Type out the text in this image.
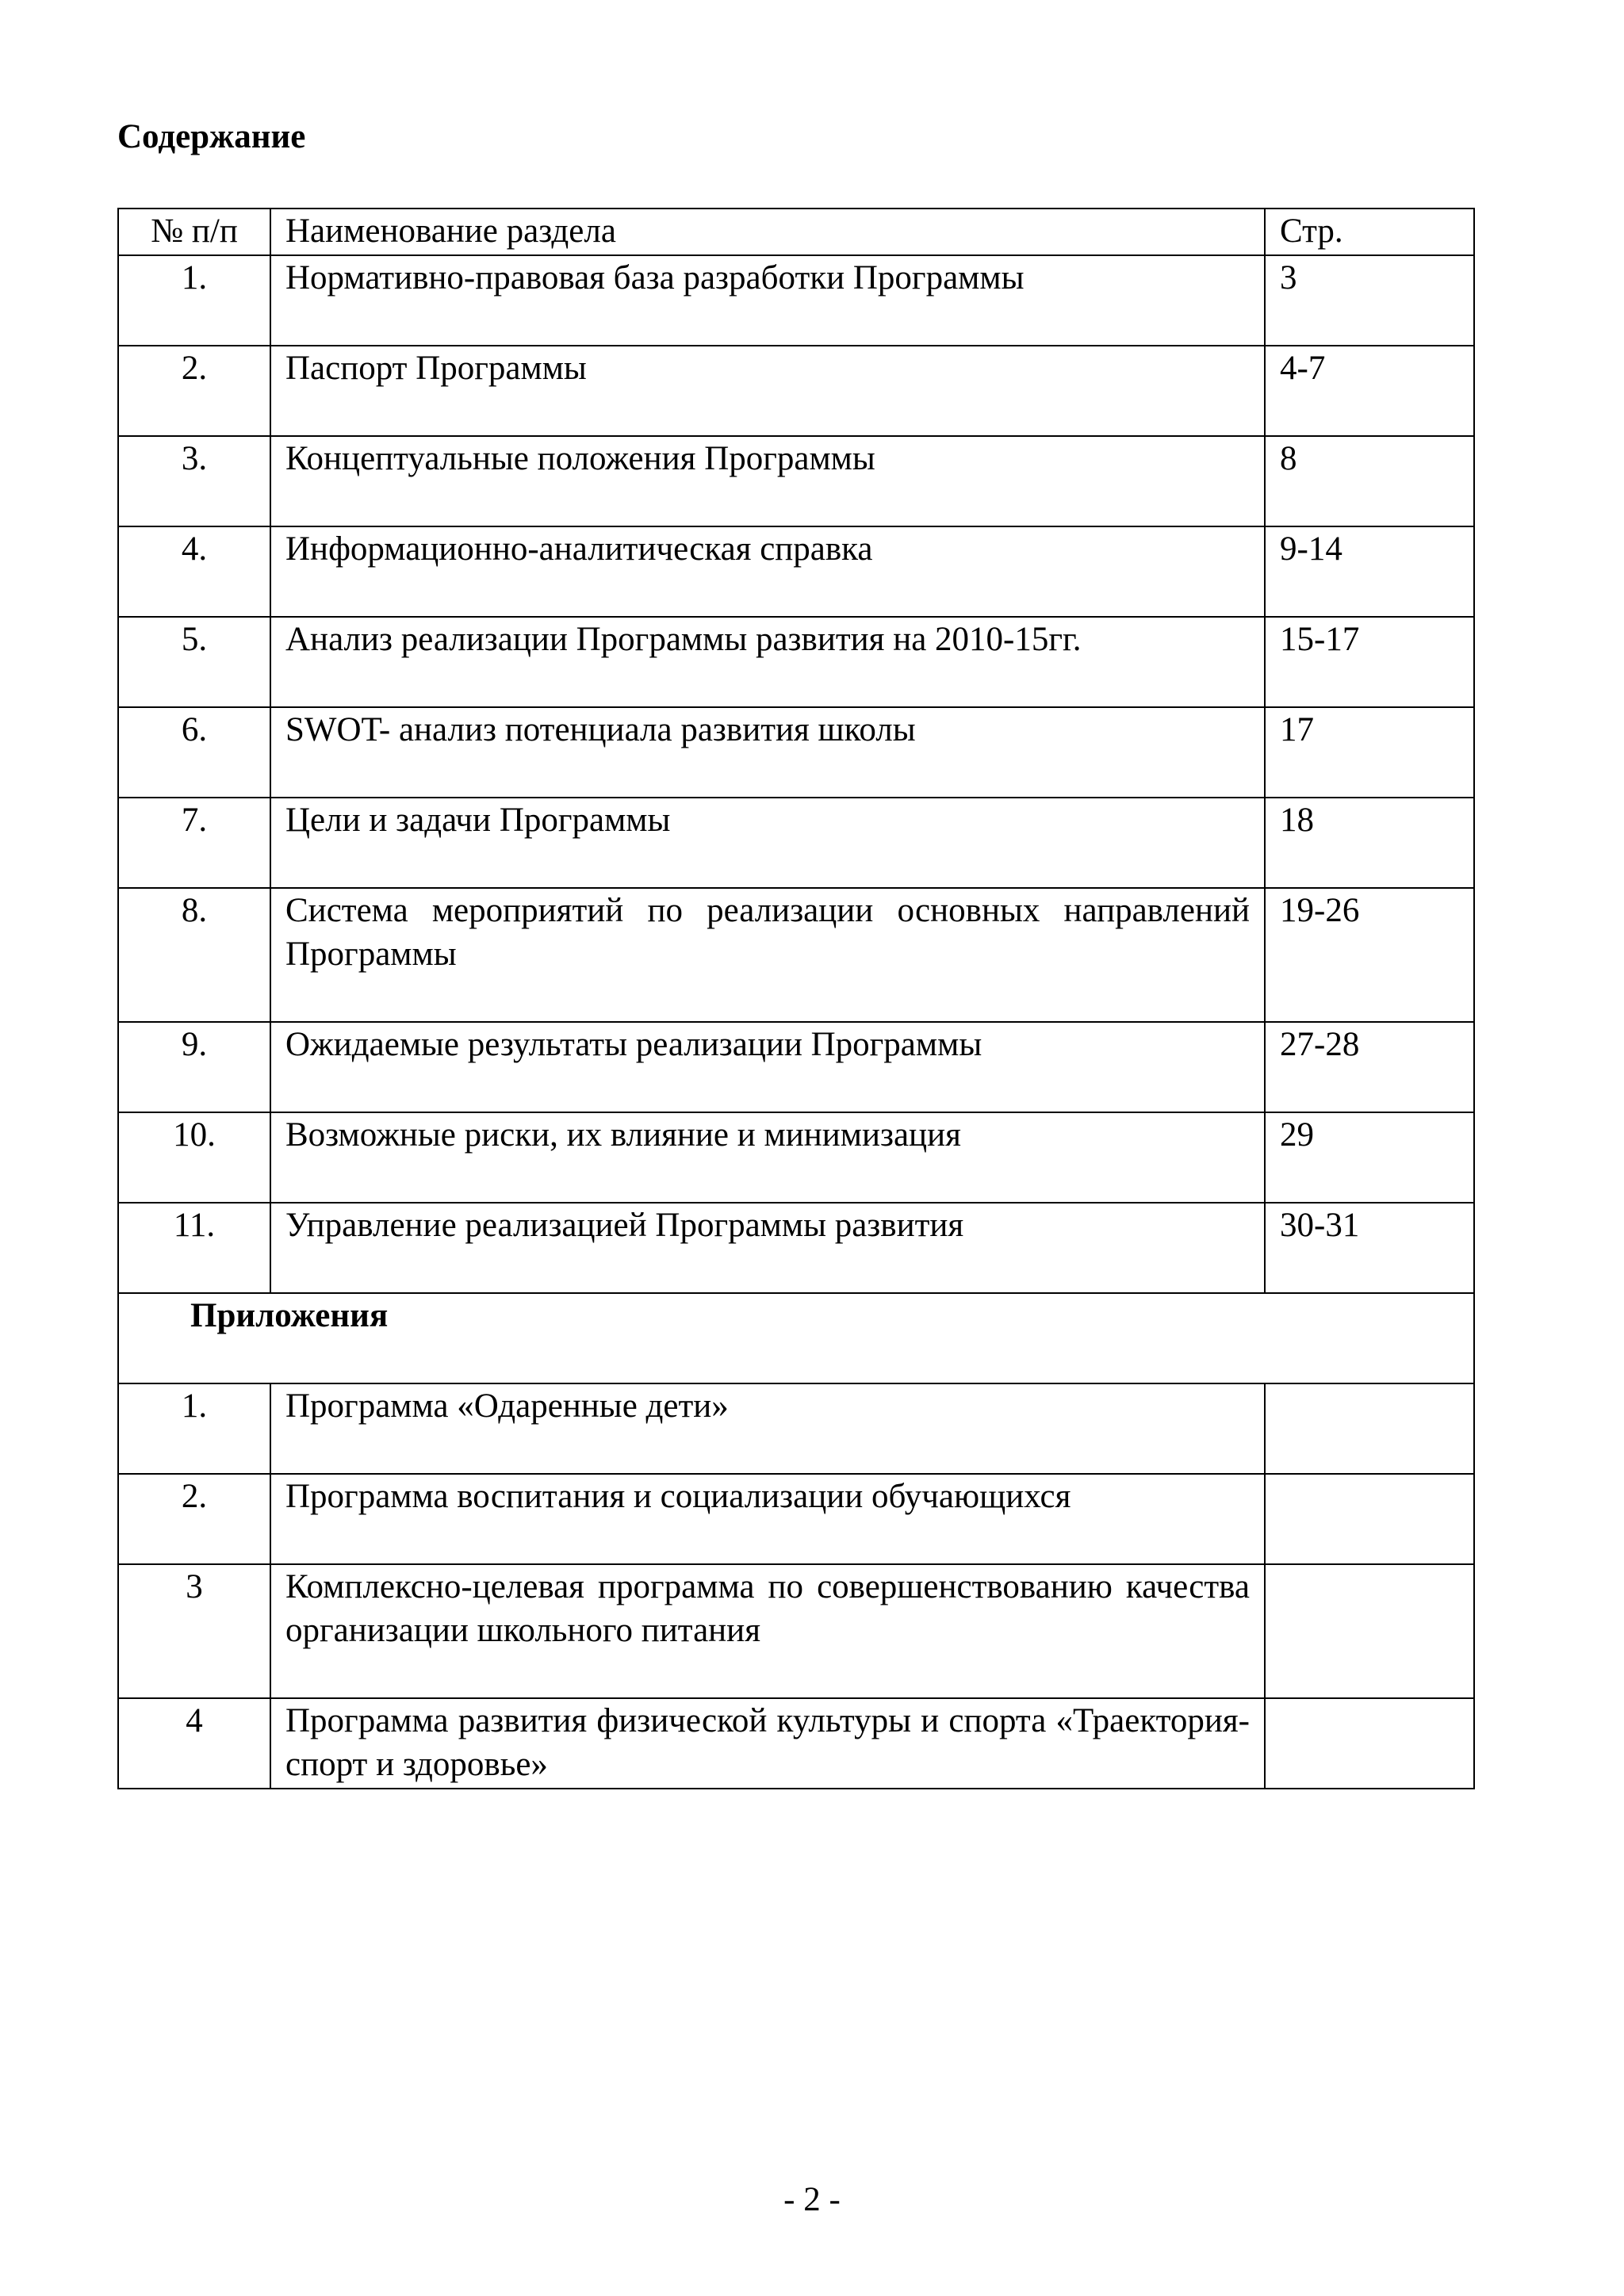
Содержание
№ п/п	Наименование раздела	Стр.
1.	Нормативно-правовая база разработки Программы	3
2.	Паспорт Программы	4-7
3.	Концептуальные положения Программы	8
4.	Информационно-аналитическая справка	9-14
5.	Анализ реализации Программы развития на 2010-15гг.	15-17
6.	SWOT- анализ потенциала развития школы	17
7.	Цели и задачи Программы	18
8.	Система мероприятий по реализации основных направлений Программы	19-26
9.	Ожидаемые результаты реализации Программы	27-28
10.	Возможные риски, их влияние и минимизация	29
11.	Управление реализацией Программы развития	30-31
Приложения		
1.	Программа «Одаренные дети»	
2.	Программа воспитания и социализации обучающихся	
3	Комплексно-целевая программа по совершенствованию качества организации школьного питания	
4	Программа развития физической культуры и спорта «Траектория-спорт и здоровье»	
- 2 -
